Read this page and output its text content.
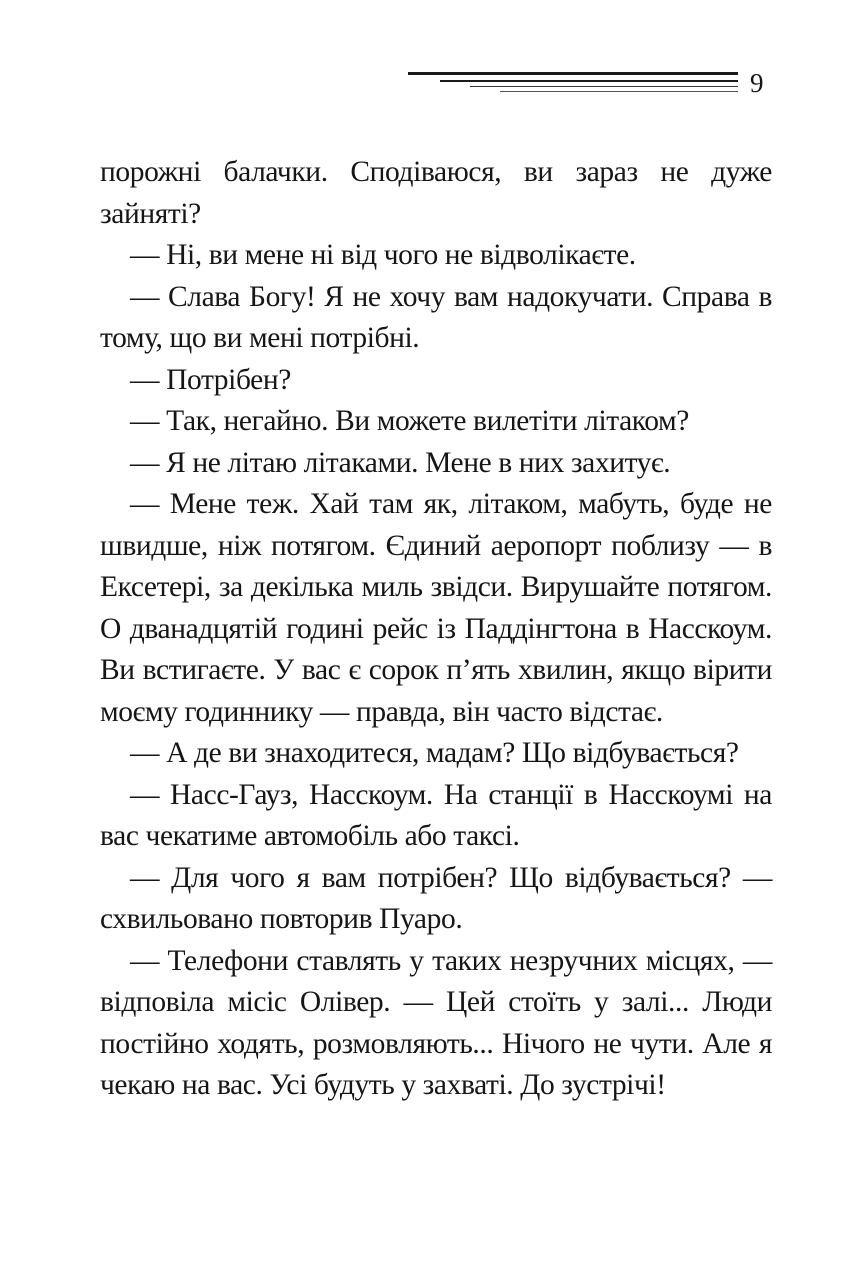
9

порожні балачки. Сподіваюся, ви зараз не дуже зайняті?

— Ні, ви мене ні від чого не відволікаєте.

— Слава Богу! Я не хочу вам надокучати. Справа в тому, що ви мені потрібні.

— Потрібен?

— Так, негайно. Ви можете вилетіти літаком?

— Я не літаю літаками. Мене в них захитує.

— Мене теж. Хай там як, літаком, мабуть, буде не швидше, ніж потягом. Єдиний аеропорт поблизу — в Ексетері, за декілька миль звідси. Вирушайте потягом. О дванадцятій годині рейс із Паддінгтона в Насскоум. Ви встигаєте. У вас є сорок п’ять хвилин, якщо вірити моєму годиннику — правда, він часто відстає.

— А де ви знаходитеся, мадам? Що відбувається?

— Насс-Гауз, Насскоум. На станції в Насскоумі на вас чекатиме автомобіль або таксі.

— Для чого я вам потрібен? Що відбувається? — схвильовано повторив Пуаро.

— Телефони ставлять у таких незручних місцях, — відповіла місіс Олівер. — Цей стоїть у залі... Люди постійно ходять, розмовляють... Нічого не чути. Але я чекаю на вас. Усі будуть у захваті. До зустрічі!
